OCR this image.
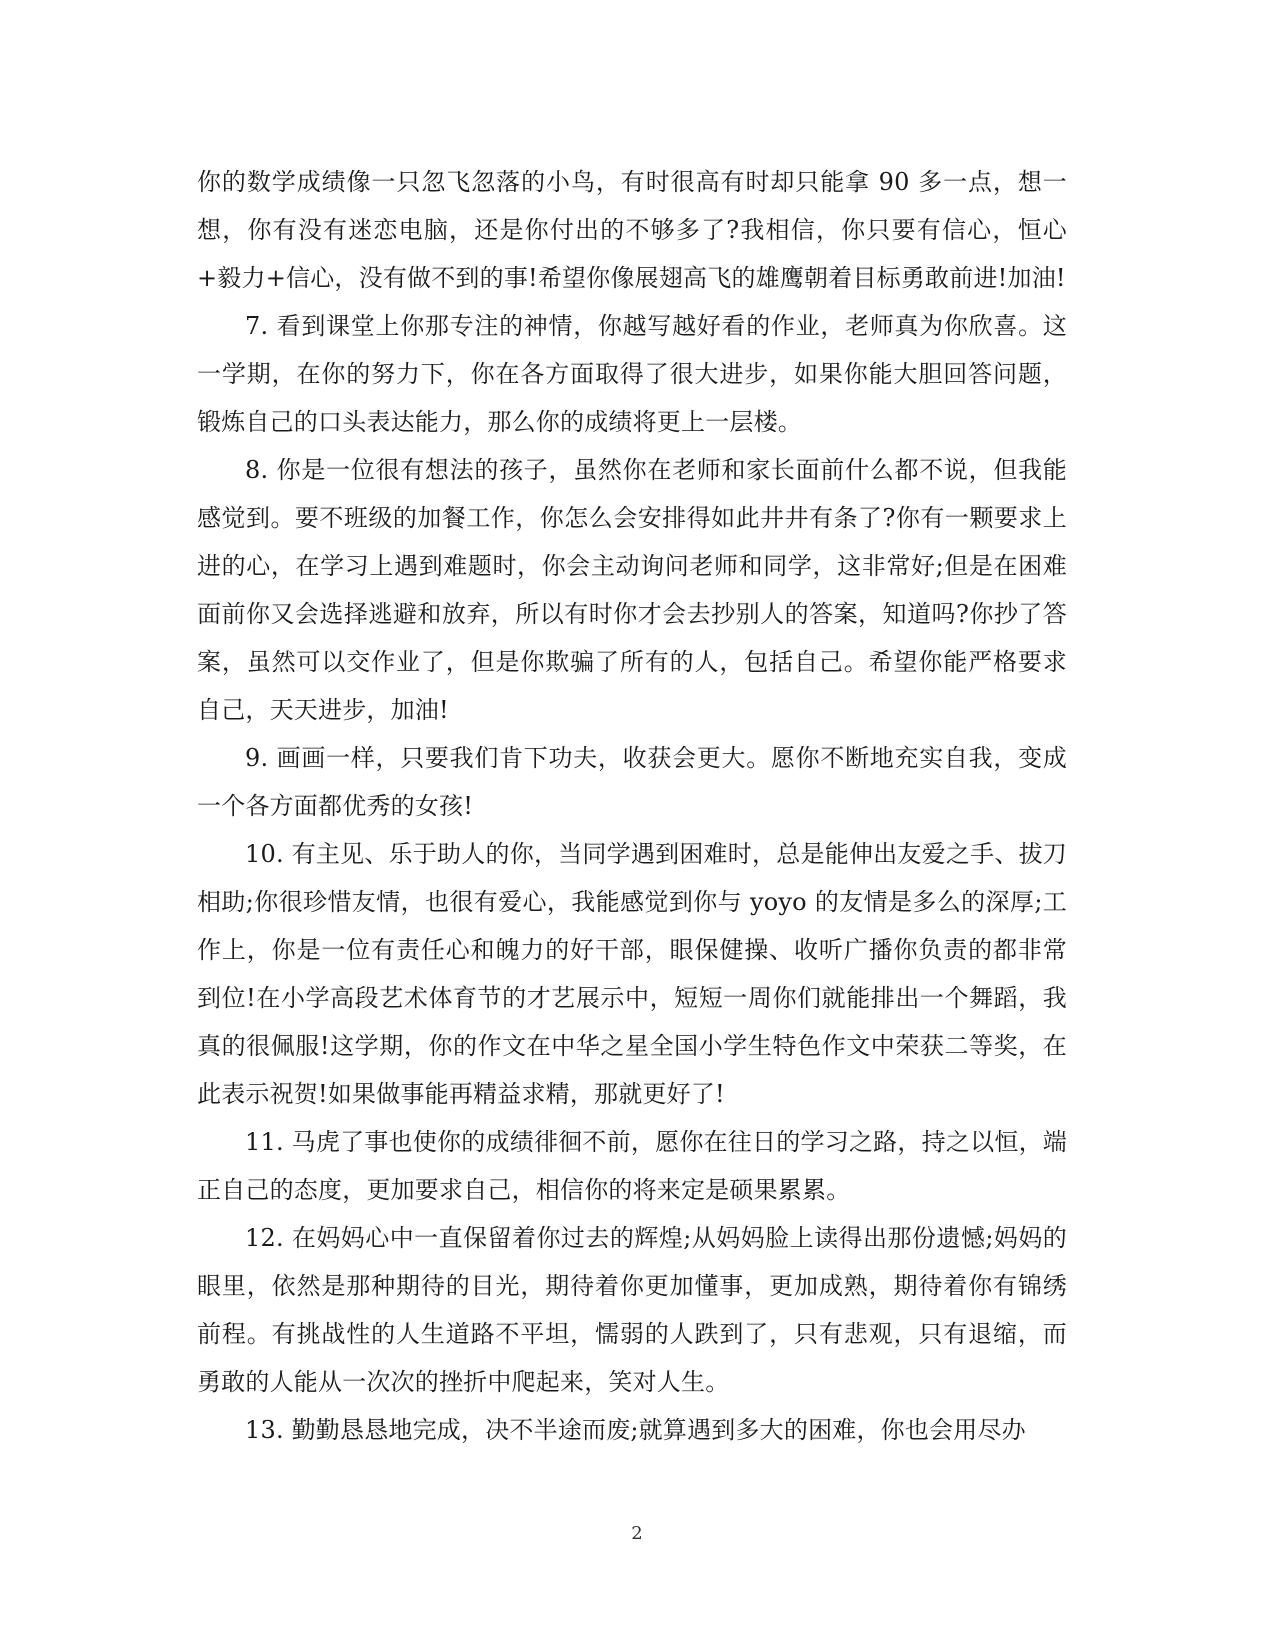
你的数学成绩像一只忽飞忽落的小鸟，有时很高有时却只能拿 90 多一点，想一想，你有没有迷恋电脑，还是你付出的不够多了?我相信，你只要有信心，恒心+毅力+信心，没有做不到的事!希望你像展翅高飞的雄鹰朝着目标勇敢前进!加油!

7. 看到课堂上你那专注的神情，你越写越好看的作业，老师真为你欣喜。这一学期，在你的努力下，你在各方面取得了很大进步，如果你能大胆回答问题，锻炼自己的口头表达能力，那么你的成绩将更上一层楼。

8. 你是一位很有想法的孩子，虽然你在老师和家长面前什么都不说，但我能感觉到。要不班级的加餐工作，你怎么会安排得如此井井有条了?你有一颗要求上进的心，在学习上遇到难题时，你会主动询问老师和同学，这非常好;但是在困难面前你又会选择逃避和放弃，所以有时你才会去抄别人的答案，知道吗?你抄了答案，虽然可以交作业了，但是你欺骗了所有的人，包括自己。希望你能严格要求自己，天天进步，加油!

9. 画画一样，只要我们肯下功夫，收获会更大。愿你不断地充实自我，变成一个各方面都优秀的女孩!

10. 有主见、乐于助人的你，当同学遇到困难时，总是能伸出友爱之手、拔刀相助;你很珍惜友情，也很有爱心，我能感觉到你与 yoyo 的友情是多么的深厚;工作上，你是一位有责任心和魄力的好干部，眼保健操、收听广播你负责的都非常到位!在小学高段艺术体育节的才艺展示中，短短一周你们就能排出一个舞蹈，我真的很佩服!这学期，你的作文在中华之星全国小学生特色作文中荣获二等奖，在此表示祝贺!如果做事能再精益求精，那就更好了!

11. 马虎了事也使你的成绩徘徊不前，愿你在往日的学习之路，持之以恒，端正自己的态度，更加要求自己，相信你的将来定是硕果累累。

12. 在妈妈心中一直保留着你过去的辉煌;从妈妈脸上读得出那份遗憾;妈妈的眼里，依然是那种期待的目光，期待着你更加懂事，更加成熟，期待着你有锦绣前程。有挑战性的人生道路不平坦，懦弱的人跌到了，只有悲观，只有退缩，而勇敢的人能从一次次的挫折中爬起来，笑对人生。

13. 勤勤恳恳地完成，决不半途而废;就算遇到多大的困难，你也会用尽办

2
